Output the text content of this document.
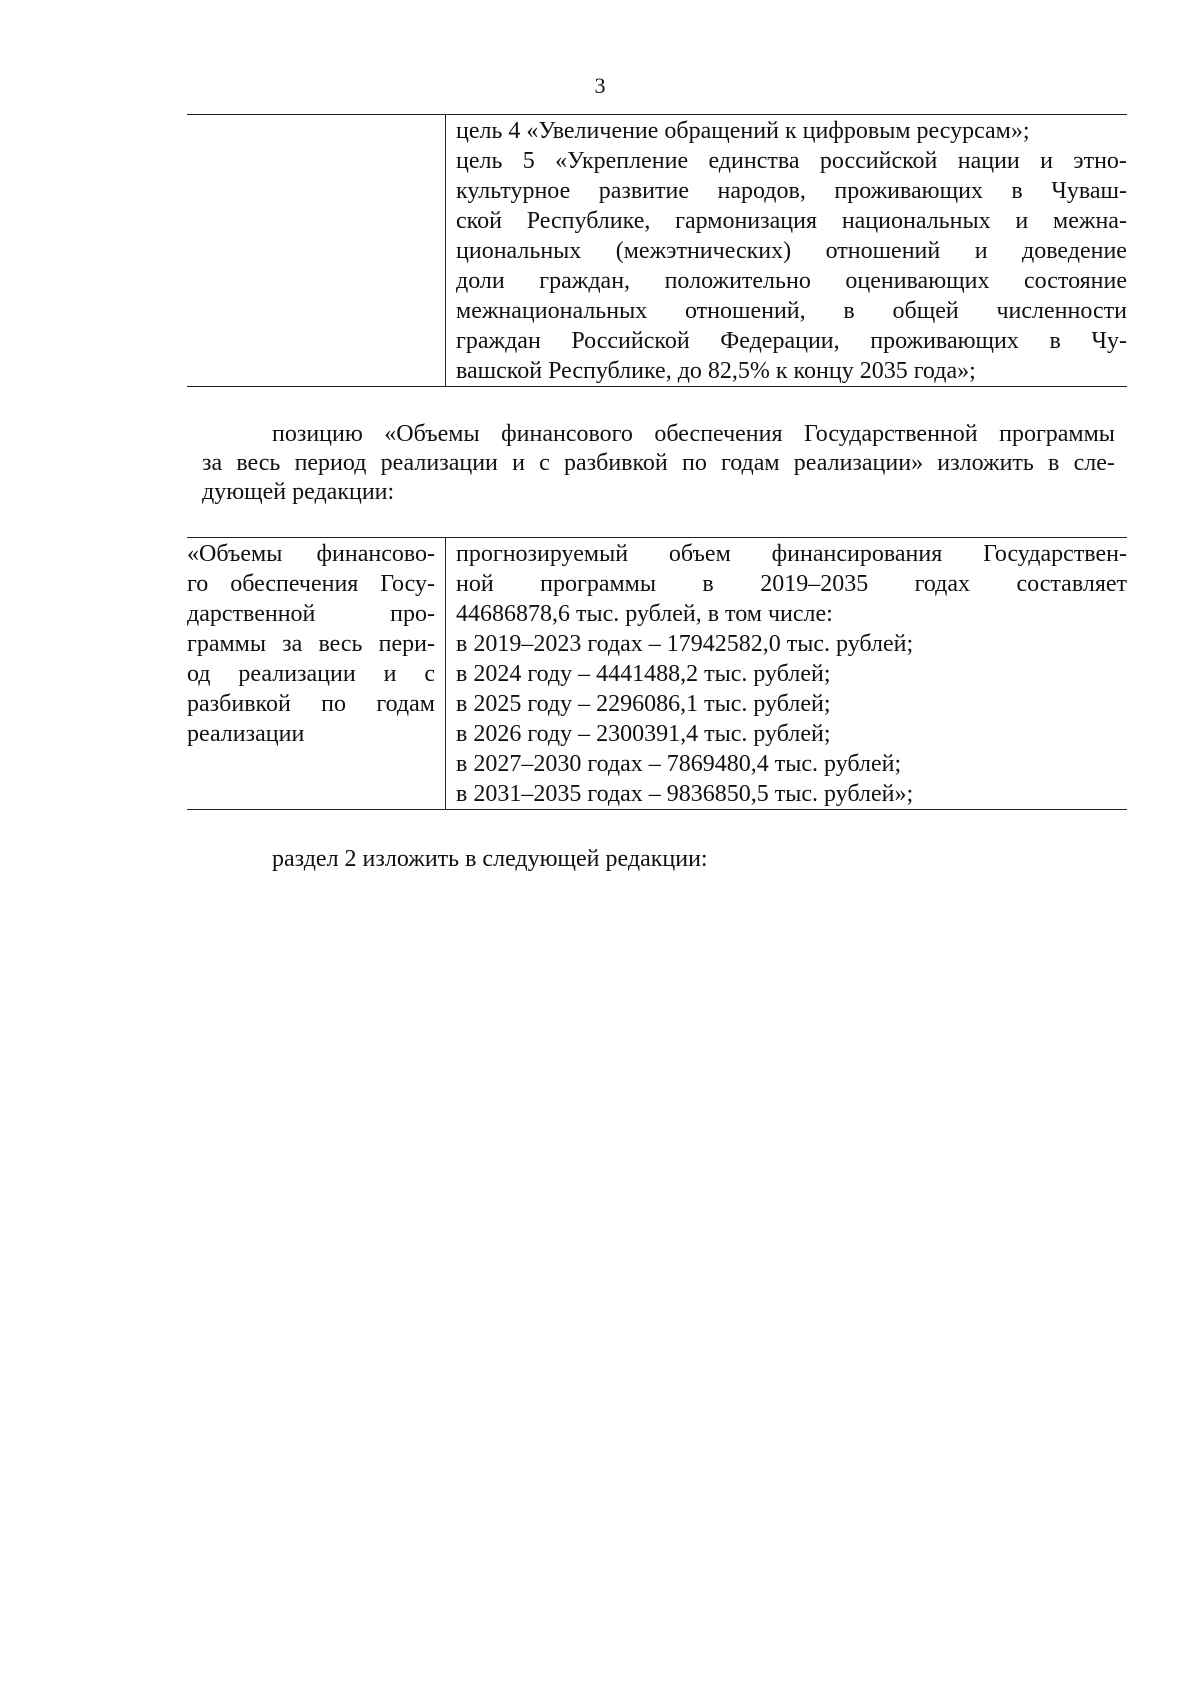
3

цель 4 «Увеличение обращений к цифровым ресурсам»;
цель 5 «Укрепление единства российской нации и этно-
культурное развитие народов, проживающих в Чуваш-
ской Республике, гармонизация национальных и межна-
циональных (межэтнических) отношений и доведение
доли граждан, положительно оценивающих состояние
межнациональных отношений, в общей численности
граждан Российской Федерации, проживающих в Чу-
вашской Республике, до 82,5% к концу 2035 года»;
позицию «Объемы финансового обеспечения Государственной программы
за весь период реализации и с разбивкой по годам реализации» изложить в сле-
дующей редакции:
«Объемы финансово-
го обеспечения Госу-
дарственной	про-
граммы за весь пери-
од реализации и с
разбивкой по годам
реализации

прогнозируемый объем финансирования Государствен-
ной программы в 2019–2035 годах составляет
44686878,6 тыс. рублей, в том числе:
в 2019–2023 годах – 17942582,0 тыс. рублей;
в 2024 году – 4441488,2 тыс. рублей;
в 2025 году – 2296086,1 тыс. рублей;
в 2026 году – 2300391,4 тыс. рублей;
в 2027–2030 годах – 7869480,4 тыс. рублей;
в 2031–2035 годах – 9836850,5 тыс. рублей»;
раздел 2 изложить в следующей редакции:
